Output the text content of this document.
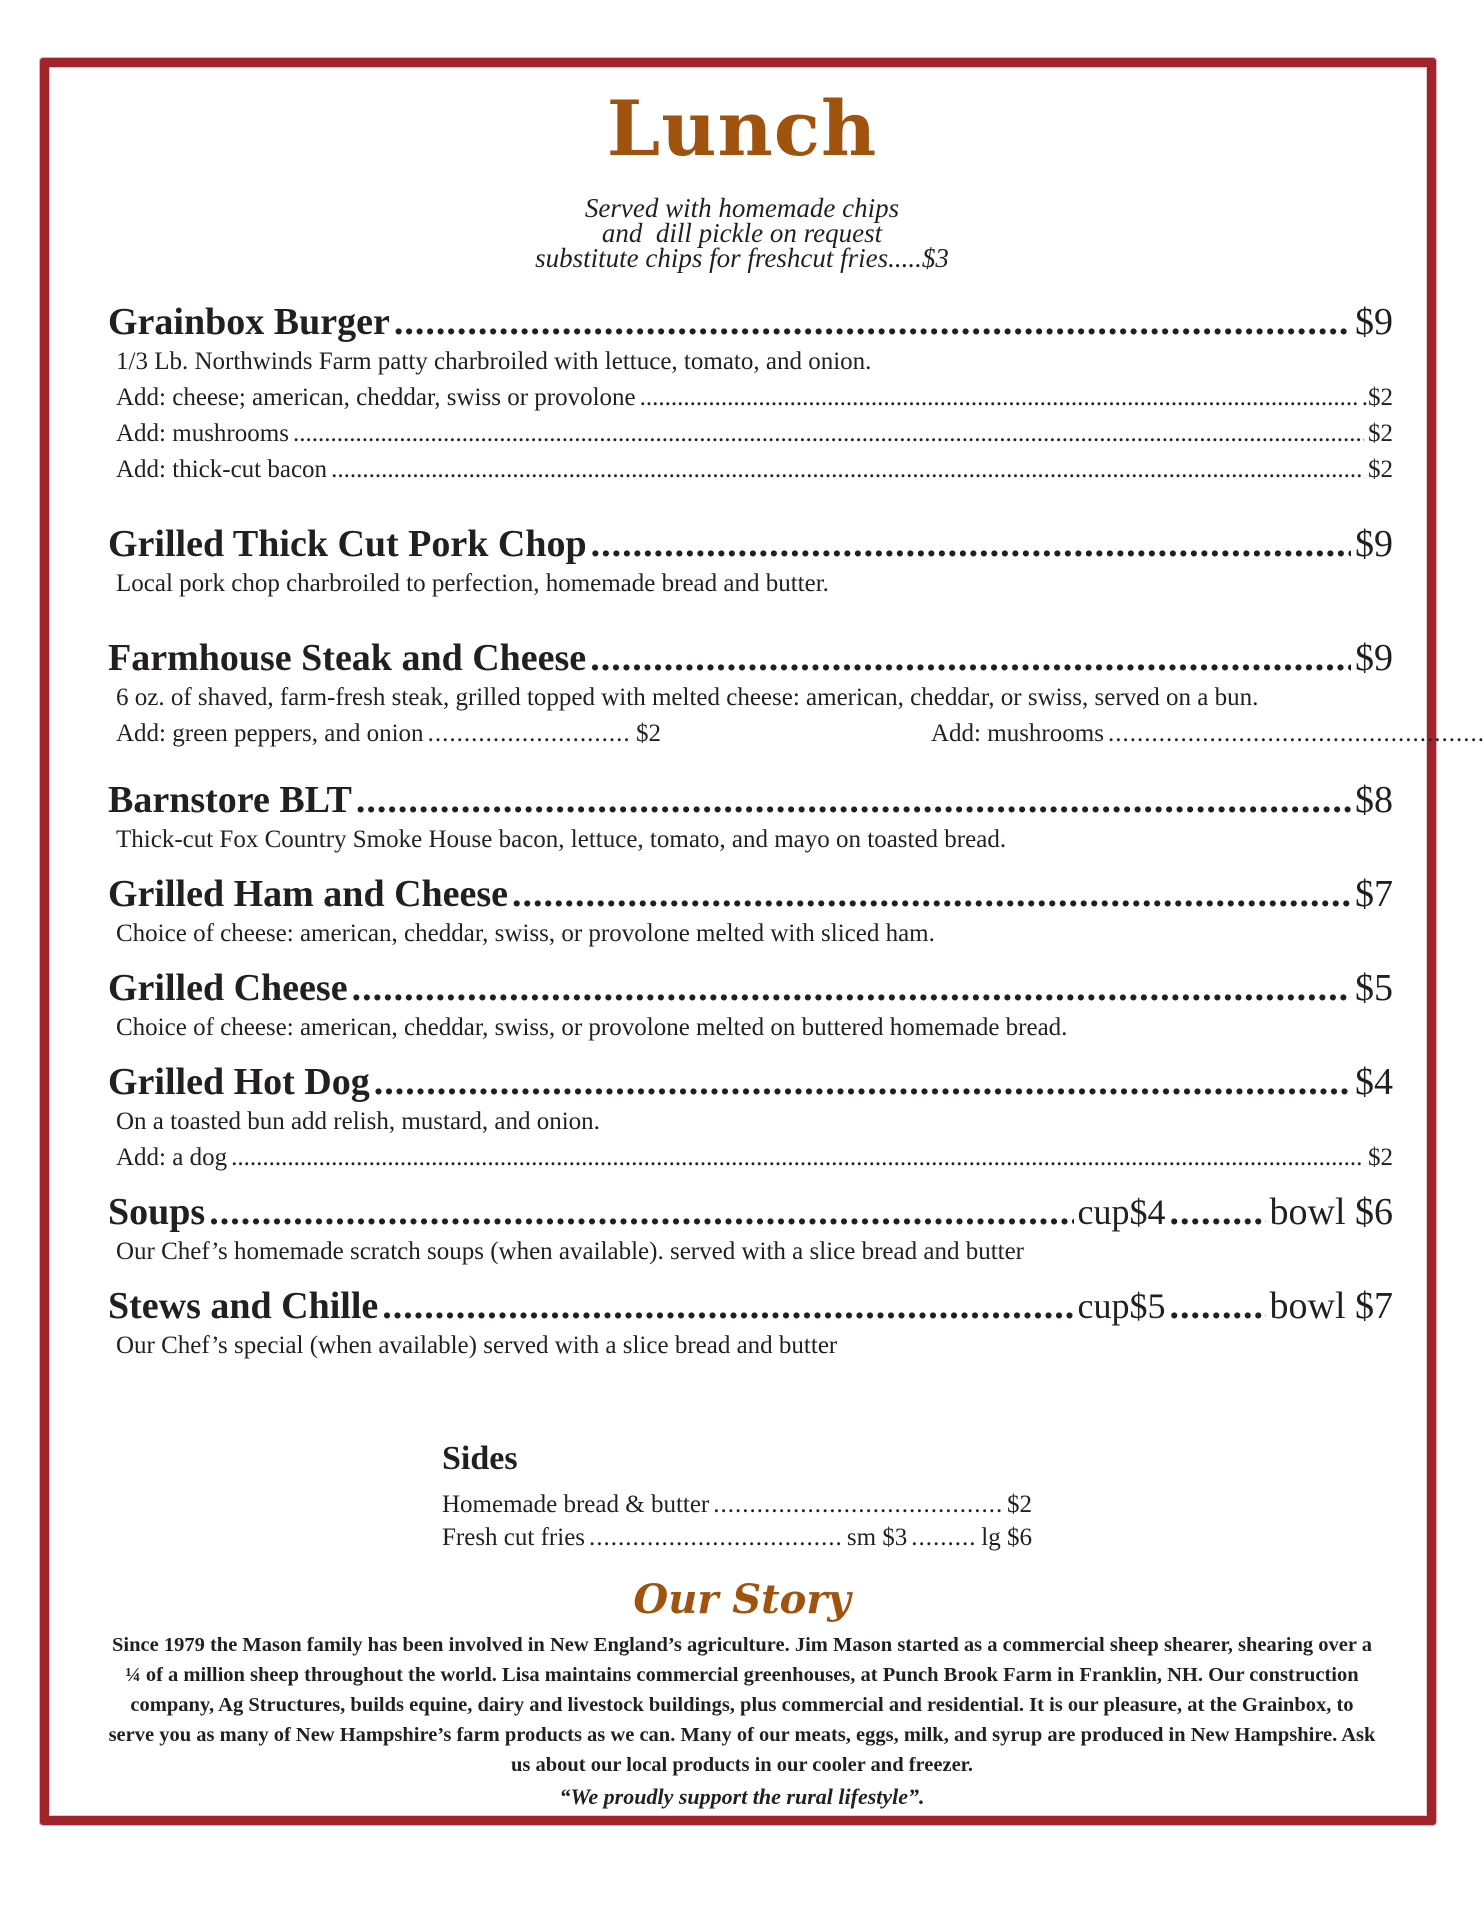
Lunch
Served with homemade chips
and  dill pickle on request
substitute chips for freshcut fries.....$3
Grainbox Burger .....	$9
1/3 Lb. Northwinds Farm patty charbroiled with lettuce, tomato, and onion.
Add: cheese; american, cheddar, swiss or provolone .....	.$2
Add: mushrooms .....	$2
Add: thick-cut bacon .....	$2
Grilled Thick Cut Pork Chop .....	$9
Local pork chop charbroiled to perfection, homemade bread and butter.
Farmhouse Steak and Cheese .....	$9
6 oz. of shaved, farm-fresh steak, grilled topped with melted cheese: american, cheddar, or swiss, served on a bun.
Add: green peppers, and onion .....	$2	Add: mushrooms
.....
Barnstore BLT .....	$8
Thick-cut Fox Country Smoke House bacon, lettuce, tomato, and mayo on toasted bread.
Grilled Ham and Cheese .....	$7
Choice of cheese: american, cheddar, swiss, or provolone melted with sliced ham.
Grilled Cheese .....	$5
Choice of cheese: american, cheddar, swiss, or provolone melted on buttered homemade bread.
Grilled Hot Dog .....	$4
On a toasted bun add relish, mustard, and onion.
Add: a dog .....	$2
Soups .....	cup$4 .....	bowl $6
Our Chef’s homemade scratch soups (when available). served with a slice bread and butter
Stews and Chille .....	cup$5 .....	bowl $7
Our Chef’s special (when available) served with a slice bread and butter
Sides
Homemade bread & butter .....	$2
Fresh cut fries .....	sm $3 .....	lg $6
Our Story
Since 1979 the Mason family has been involved in New England’s agriculture. Jim Mason started as a commercial sheep shearer, shearing over a ¼ of a million sheep throughout the world. Lisa maintains commercial greenhouses, at Punch Brook Farm in Franklin, NH. Our construction company, Ag Structures, builds equine, dairy and livestock buildings, plus commercial and residential. It is our pleasure, at the Grainbox, to serve you as many of New Hampshire’s farm products as we can. Many of our meats, eggs, milk, and syrup are produced in New Hampshire. Ask us about our local products in our cooler and freezer.
“We proudly support the rural lifestyle”.
